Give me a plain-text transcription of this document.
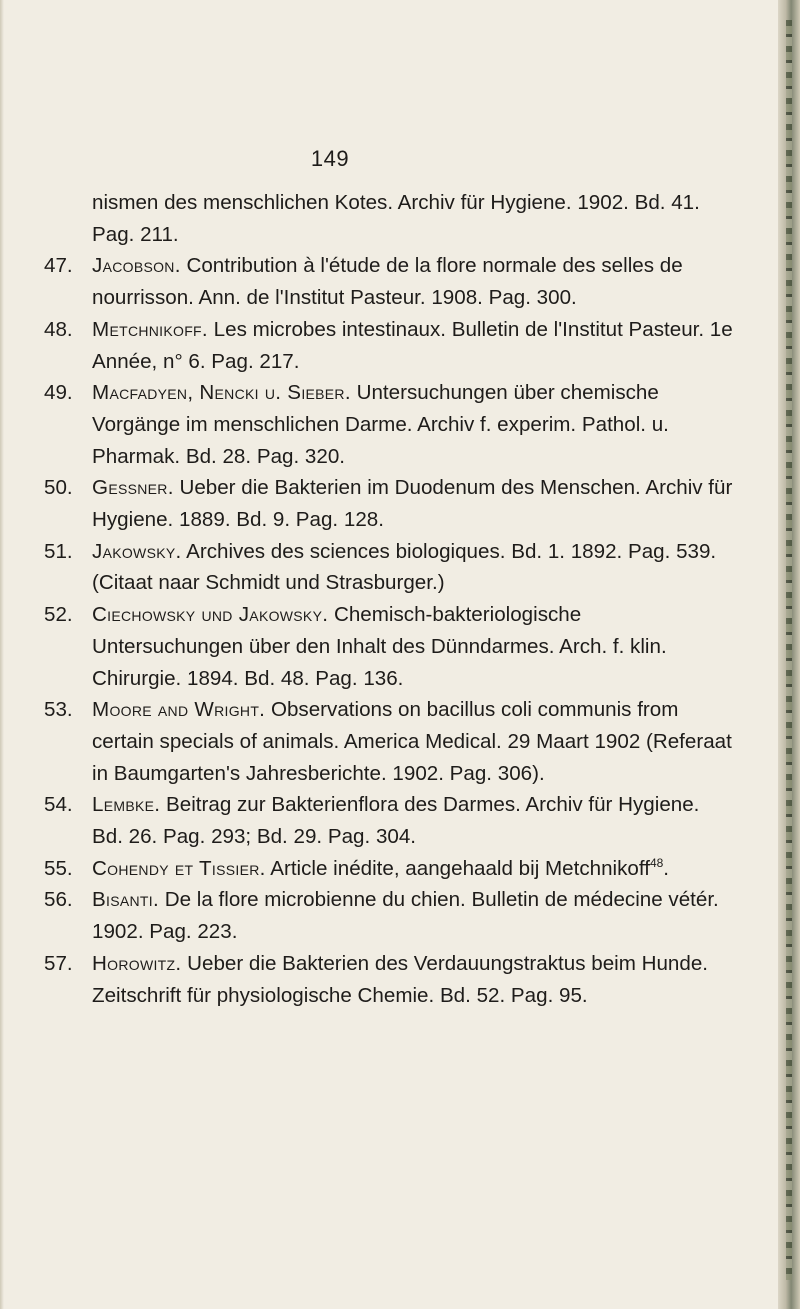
149
nismen des menschlichen Kotes. Archiv für Hygiene. 1902. Bd. 41. Pag. 211.
47. Jacobson. Contribution à l'étude de la flore normale des selles de nourrisson. Ann. de l'Institut Pasteur. 1908. Pag. 300.
48. Metchnikoff. Les microbes intestinaux. Bulletin de l'Institut Pasteur. 1e Année, n° 6. Pag. 217.
49. Macfadyen, Nencki u. Sieber. Untersuchungen über chemische Vorgänge im menschlichen Darme. Archiv f. experim. Pathol. u. Pharmak. Bd. 28. Pag. 320.
50. Gessner. Ueber die Bakterien im Duodenum des Menschen. Archiv für Hygiene. 1889. Bd. 9. Pag. 128.
51. Jakowsky. Archives des sciences biologiques. Bd. 1. 1892. Pag. 539. (Citaat naar Schmidt und Strasburger.)
52. Ciechowsky und Jakowsky. Chemisch-bakteriologische Untersuchungen über den Inhalt des Dünndarmes. Arch. f. klin. Chirurgie. 1894. Bd. 48. Pag. 136.
53. Moore and Wright. Observations on bacillus coli communis from certain specials of animals. America Medical. 29 Maart 1902 (Referaat in Baumgarten's Jahresberichte. 1902. Pag. 306).
54. Lembke. Beitrag zur Bakterienflora des Darmes. Archiv für Hygiene. Bd. 26. Pag. 293; Bd. 29. Pag. 304.
55. Cohendy et Tissier. Article inédite, aangehaald bij Metchnikoff$^{48}$.
56. Bisanti. De la flore microbienne du chien. Bulletin de médecine vétér. 1902. Pag. 223.
57. Horowitz. Ueber die Bakterien des Verdauungstraktus beim Hunde. Zeitschrift für physiologische Chemie. Bd. 52. Pag. 95.
